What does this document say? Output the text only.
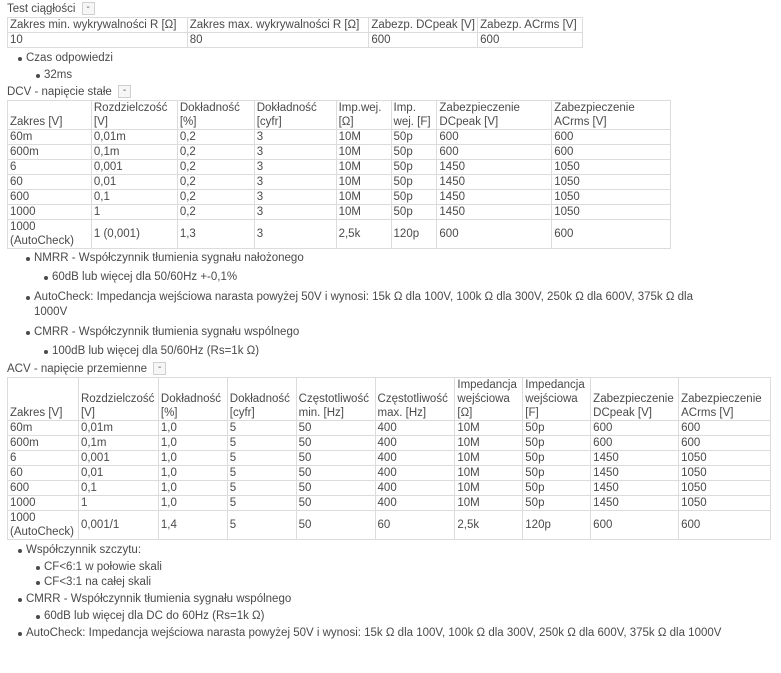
Test ciągłości -
Zakres min. wykrywalności R [Ω]	Zakres max. wykrywalności R [Ω]	Zabezp. DCpeak [V]	Zabezp. ACrms [V]
10	80	600	600
Czas odpowiedzi
32ms
DCV - napięcie stałe -
Zakres [V]	Rozdzielczość [V]	Dokładność [%]	Dokładność [cyfr]	Imp.wej. [Ω]	Imp. wej. [F]	Zabezpieczenie DCpeak [V]	Zabezpieczenie ACrms [V]
60m	0,01m	0,2	3	10M	50p	600	600
600m	0,1m	0,2	3	10M	50p	600	600
6	0,001	0,2	3	10M	50p	1450	1050
60	0,01	0,2	3	10M	50p	1450	1050
600	0,1	0,2	3	10M	50p	1450	1050
1000	1	0,2	3	10M	50p	1450	1050
1000 (AutoCheck)	1 (0,001)	1,3	3	2,5k	120p	600	600
NMRR - Współczynnik tłumienia sygnału nałożonego
60dB lub więcej dla 50/60Hz +-0,1%
AutoCheck: Impedancja wejściowa narasta powyżej 50V i wynosi: 15k Ω dla 100V, 100k Ω dla 300V, 250k Ω dla 600V, 375k Ω dla 1000V
CMRR - Współczynnik tłumienia sygnału wspólnego
100dB lub więcej dla 50/60Hz (Rs=1k Ω)
ACV - napięcie przemienne -
Zakres [V]	Rozdzielczość [V]	Dokładność [%]	Dokładność [cyfr]	Częstotliwość min. [Hz]	Częstotliwość max. [Hz]	Impedancja wejściowa [Ω]	Impedancja wejściowa [F]	Zabezpieczenie DCpeak [V]	Zabezpieczenie ACrms [V]
60m	0,01m	1,0	5	50	400	10M	50p	600	600
600m	0,1m	1,0	5	50	400	10M	50p	600	600
6	0,001	1,0	5	50	400	10M	50p	1450	1050
60	0,01	1,0	5	50	400	10M	50p	1450	1050
600	0,1	1,0	5	50	400	10M	50p	1450	1050
1000	1	1,0	5	50	400	10M	50p	1450	1050
1000 (AutoCheck)	0,001/1	1,4	5	50	60	2,5k	120p	600	600
Współczynnik szczytu:
CF<6:1 w połowie skali
CF<3:1 na całej skali
CMRR - Współczynnik tłumienia sygnału wspólnego
60dB lub więcej dla DC do 60Hz (Rs=1k Ω)
AutoCheck: Impedancja wejściowa narasta powyżej 50V i wynosi: 15k Ω dla 100V, 100k Ω dla 300V, 250k Ω dla 600V, 375k Ω dla 1000V
